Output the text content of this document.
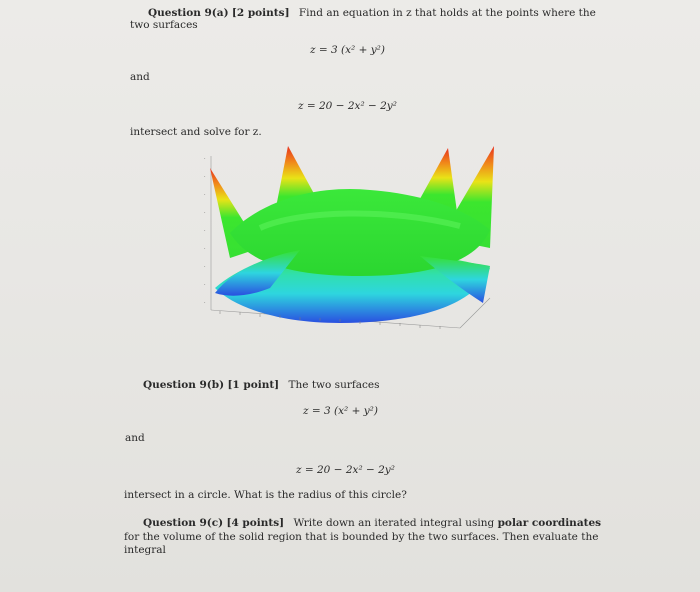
Question 9(a) [2 points] Find an equation in z that holds at the points where the
two surfaces
z = 3 (x² + y²)
and
z = 20 − 2x² − 2y²
intersect and solve for z.
·
·
·
·
·
·
·
·
·
Question 9(b) [1 point] The two surfaces
z = 3 (x² + y²)
and
z = 20 − 2x² − 2y²
intersect in a circle. What is the radius of this circle?
Question 9(c) [4 points] Write down an iterated integral using polar coordinates
for the volume of the solid region that is bounded by the two surfaces. Then evaluate the
integral
